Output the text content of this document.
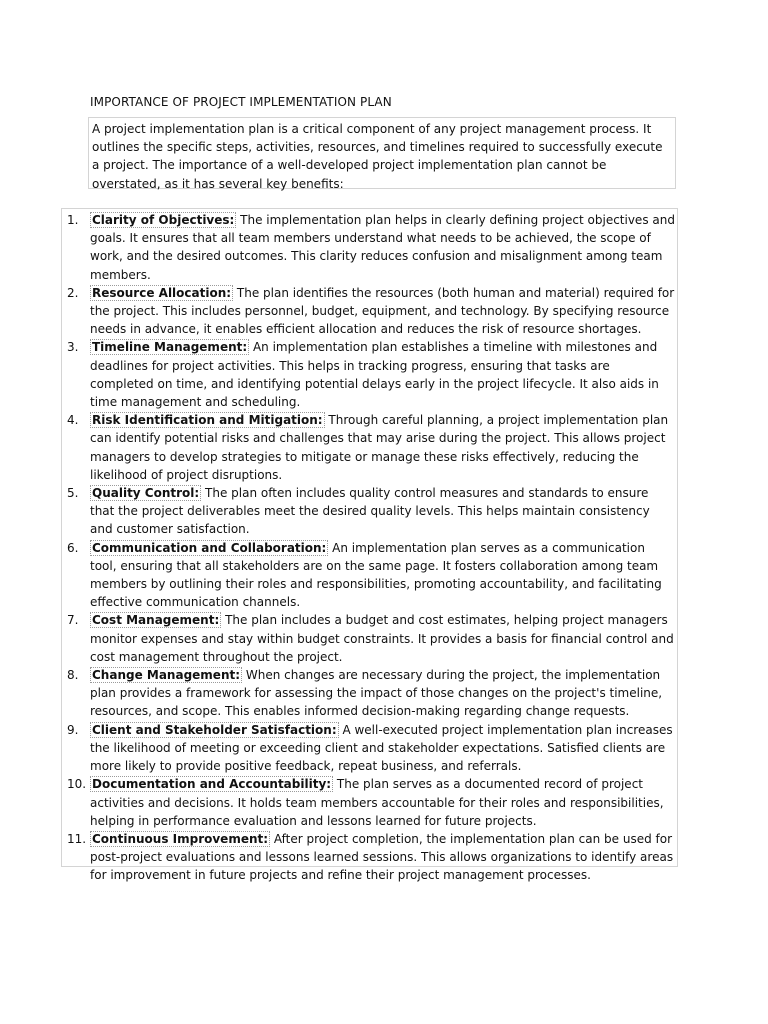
IMPORTANCE OF PROJECT IMPLEMENTATION PLAN
A project implementation plan is a critical component of any project management process. It outlines the specific steps, activities, resources, and timelines required to successfully execute a project. The importance of a well-developed project implementation plan cannot be overstated, as it has several key benefits:
1.	Clarity of Objectives: The implementation plan helps in clearly defining project objectives and goals. It ensures that all team members understand what needs to be achieved, the scope of work, and the desired outcomes. This clarity reduces confusion and misalignment among team members.
2.	Resource Allocation: The plan identifies the resources (both human and material) required for the project. This includes personnel, budget, equipment, and technology. By specifying resource needs in advance, it enables efficient allocation and reduces the risk of resource shortages.
3.	Timeline Management: An implementation plan establishes a timeline with milestones and deadlines for project activities. This helps in tracking progress, ensuring that tasks are completed on time, and identifying potential delays early in the project lifecycle. It also aids in time management and scheduling.
4.	Risk Identification and Mitigation: Through careful planning, a project implementation plan can identify potential risks and challenges that may arise during the project. This allows project managers to develop strategies to mitigate or manage these risks effectively, reducing the likelihood of project disruptions.
5.	Quality Control: The plan often includes quality control measures and standards to ensure that the project deliverables meet the desired quality levels. This helps maintain consistency and customer satisfaction.
6.	Communication and Collaboration: An implementation plan serves as a communication tool, ensuring that all stakeholders are on the same page. It fosters collaboration among team members by outlining their roles and responsibilities, promoting accountability, and facilitating effective communication channels.
7.	Cost Management: The plan includes a budget and cost estimates, helping project managers monitor expenses and stay within budget constraints. It provides a basis for financial control and cost management throughout the project.
8.	Change Management: When changes are necessary during the project, the implementation plan provides a framework for assessing the impact of those changes on the project's timeline, resources, and scope. This enables informed decision-making regarding change requests.
9.	Client and Stakeholder Satisfaction: A well-executed project implementation plan increases the likelihood of meeting or exceeding client and stakeholder expectations. Satisfied clients are more likely to provide positive feedback, repeat business, and referrals.
10. Documentation and Accountability: The plan serves as a documented record of project activities and decisions. It holds team members accountable for their roles and responsibilities, helping in performance evaluation and lessons learned for future projects.
11. Continuous Improvement: After project completion, the implementation plan can be used for post-project evaluations and lessons learned sessions. This allows organizations to identify areas for improvement in future projects and refine their project management processes.
